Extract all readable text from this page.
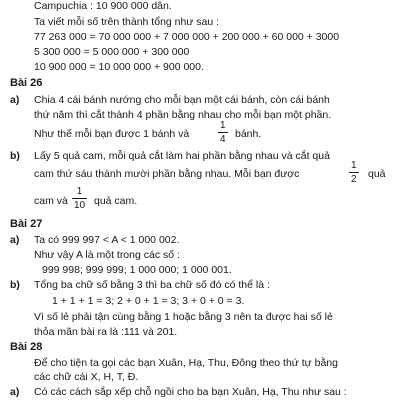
Campuchia : 10 900 000 dân.
Ta viết mỗi số trên thành tổng như sau :
77 263 000 = 70 000 000 + 7 000 000 + 200 000 + 60 000 + 3000
5 300 000 = 5 000 000 + 300 000
10 900 000 = 10 000 000 + 900 000.
Bài 26
a) Chia 4 cái bánh nướng cho mỗi bạn một cái bánh, còn cái bánh
thứ năm thì cắt thành 4 phần bằng nhau cho mỗi bạn một phần.
Như thế mỗi bạn được 1 bánh và
1
4 bánh.
b) Lấy 5 quả cam, mỗi quả cắt làm hai phần bằng nhau và cắt quả
cam thứ sáu thành mười phần bằng nhau. Mỗi bạn được
1
2 quả
cam và
1
10 quả cam.
Bài 27
a) Ta có 999 997 < A < 1 000 002.
Như vậy A là một trong các số :
999 998; 999 999; 1 000 000; 1 000 001.
b) Tổng ba chữ số bằng 3 thì ba chữ số đó có thể là :
1 + 1 + 1 = 3; 2 + 0 + 1 = 3; 3 + 0 + 0 = 3.
Vì số lẻ phải tận cùng bằng 1 hoặc bằng 3 nên ta được hai số lẻ
thỏa mãn bài ra là :111 và 201.
Bài 28
Để cho tiện ta gọi các bạn Xuân, Hạ, Thu, Đông theo thứ tự bằng
các chữ cái X, H, T, Đ.
a) Có các cách sắp xếp chỗ ngồi cho ba bạn Xuân, Hạ, Thu như sau :
